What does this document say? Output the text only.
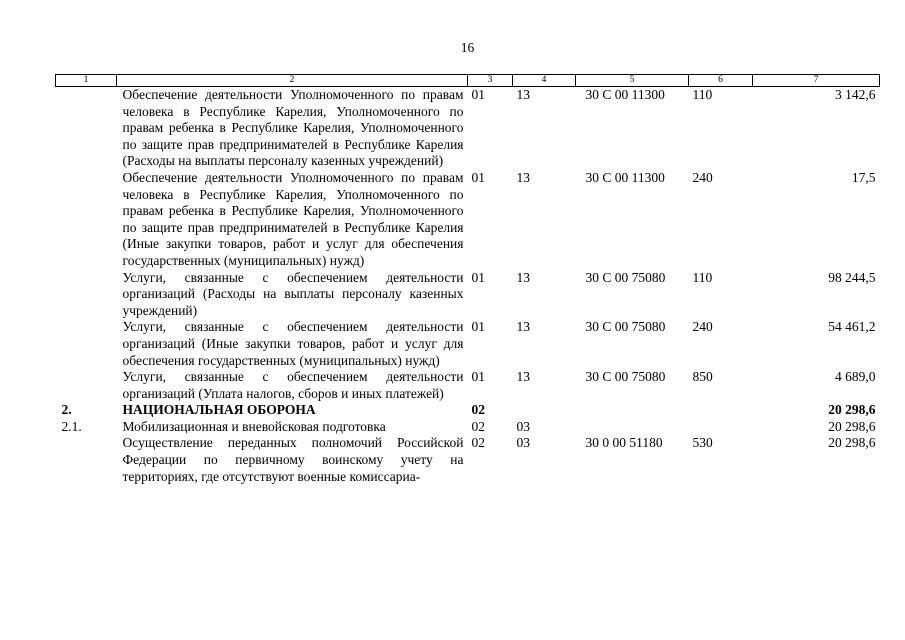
16
1	2	3	4	5	6	7
	Обеспечение деятельности Уполномоченного по правам человека в Республике Карелия, Уполномоченного по правам ребенка в Республике Карелия, Уполномоченного по защите прав предпринимателей в Республике Карелия (Расходы на выплаты персоналу казенных учреждений)	01	13	30 С 00 11300	110	3 142,6
	Обеспечение деятельности Уполномоченного по правам человека в Республике Карелия, Уполномоченного по правам ребенка в Республике Карелия, Уполномоченного по защите прав предпринимателей в Республике Карелия (Иные закупки товаров, работ и услуг для обеспечения государственных (муниципальных) нужд)	01	13	30 С 00 11300	240	17,5
	Услуги, связанные с обеспечением деятельности организаций (Расходы на выплаты персоналу казенных учреждений)	01	13	30 С 00 75080	110	98 244,5
	Услуги, связанные с обеспечением деятельности организаций (Иные закупки товаров, работ и услуг для обеспечения государственных (муниципальных) нужд)	01	13	30 С 00 75080	240	54 461,2
	Услуги, связанные с обеспечением деятельности организаций (Уплата налогов, сборов и иных платежей)	01	13	30 С 00 75080	850	4 689,0
2.	НАЦИОНАЛЬНАЯ ОБОРОНА	02				20 298,6
2.1.	Мобилизационная и вневойсковая подготовка	02	03			20 298,6
	Осуществление переданных полномочий Российской Федерации по первичному воинскому учету на территориях, где отсутствуют военные комиссариа-	02	03	30 0 00 51180	530	20 298,6
